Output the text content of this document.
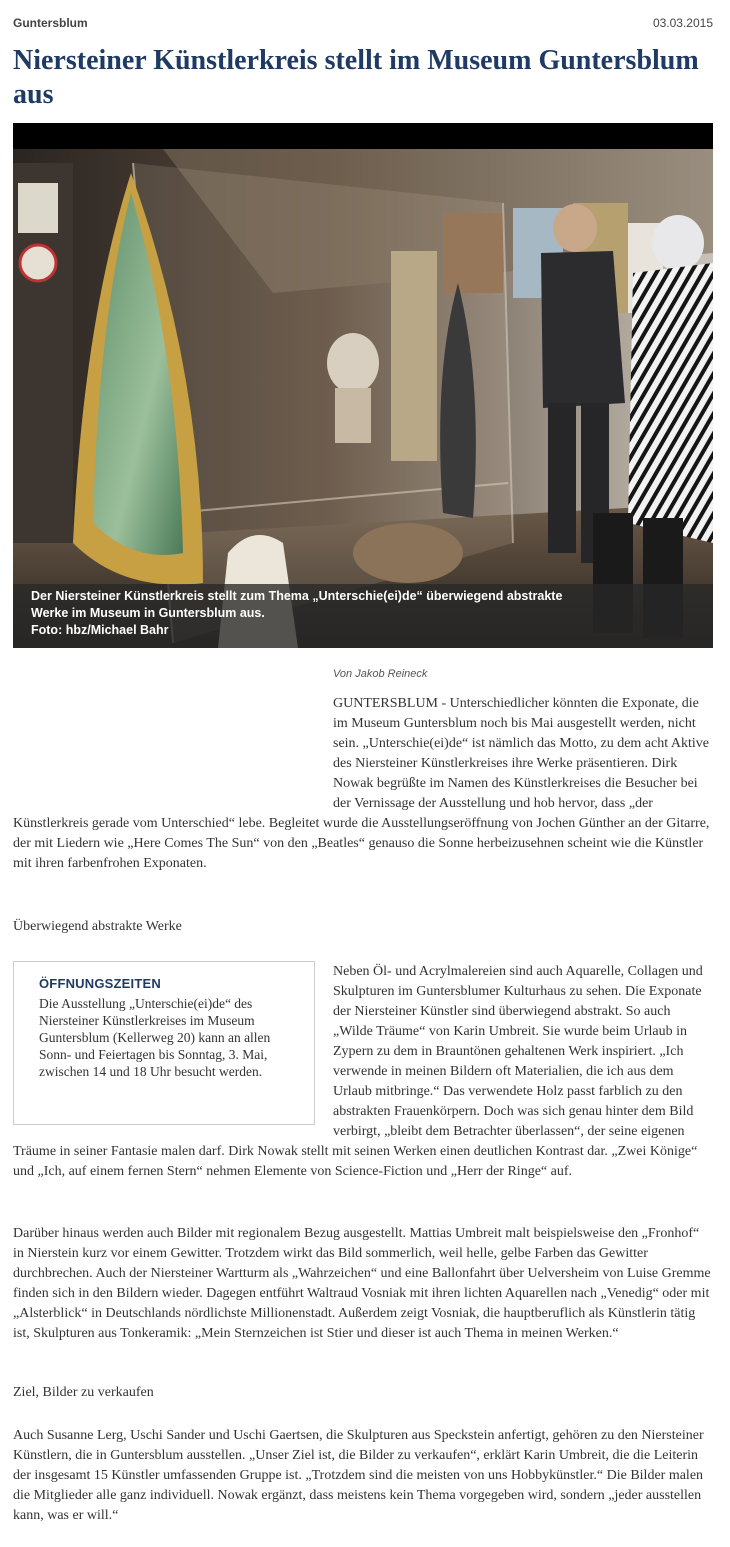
Guntersblum	03.03.2015
Niersteiner Künstlerkreis stellt im Museum Guntersblum aus
Der Niersteiner Künstlerkreis stellt zum Thema „Unterschie(ei)de“ überwiegend abstrakte
Werke im Museum in Guntersblum aus.
Foto: hbz/Michael Bahr
Von Jakob Reineck
GUNTERSBLUM - Unterschiedlicher könnten die Exponate, die im Museum Guntersblum noch bis Mai ausgestellt werden, nicht sein. „Unterschie(ei)de“ ist nämlich das Motto, zu dem acht Aktive des Niersteiner Künstlerkreises ihre Werke präsentieren. Dirk Nowak begrüßte im Namen des Künstlerkreises die Besucher bei der Vernissage der Ausstellung und hob hervor, dass „der Künstlerkreis gerade vom Unterschied“ lebe. Begleitet wurde die Ausstellungseröffnung von Jochen Günther an der Gitarre, der mit Liedern wie „Here Comes The Sun“ von den „Beatles“ genauso die Sonne herbeizusehnen scheint wie die Künstler mit ihren farbenfrohen Exponaten.
Überwiegend abstrakte Werke
Neben Öl- und Acrylmalereien sind auch Aquarelle, Collagen und Skulpturen im Guntersblumer Kulturhaus zu sehen. Die Exponate der Niersteiner Künstler sind überwiegend abstrakt. So auch „Wilde Träume“ von Karin Umbreit. Sie wurde beim Urlaub in Zypern zu dem in Brauntönen gehaltenen Werk inspiriert. „Ich verwende in meinen Bildern oft Materialien, die ich aus dem Urlaub mitbringe.“ Das verwendete Holz passt farblich zu den abstrakten Frauenkörpern. Doch was sich genau hinter dem Bild verbirgt, „bleibt dem Betrachter überlassen“, der seine eigenen Träume in seiner Fantasie malen darf. Dirk Nowak stellt mit seinen Werken einen deutlichen Kontrast dar. „Zwei Könige“ und „Ich, auf einem fernen Stern“ nehmen Elemente von Science-Fiction und „Herr der Ringe“ auf.
ÖFFNUNGSZEITEN
Die Ausstellung „Unterschie(ei)de“ des Niersteiner Künstlerkreises im Museum Guntersblum (Kellerweg 20) kann an allen Sonn- und Feiertagen bis Sonntag, 3. Mai, zwischen 14 und 18 Uhr besucht werden.
Darüber hinaus werden auch Bilder mit regionalem Bezug ausgestellt. Mattias Umbreit malt beispielsweise den „Fronhof“ in Nierstein kurz vor einem Gewitter. Trotzdem wirkt das Bild sommerlich, weil helle, gelbe Farben das Gewitter durchbrechen. Auch der Niersteiner Wartturm als „Wahrzeichen“ und eine Ballonfahrt über Uelversheim von Luise Gremme finden sich in den Bildern wieder. Dagegen entführt Waltraud Vosniak mit ihren lichten Aquarellen nach „Venedig“ oder mit „Alsterblick“ in Deutschlands nördlichste Millionenstadt. Außerdem zeigt Vosniak, die hauptberuflich als Künstlerin tätig ist, Skulpturen aus Tonkeramik: „Mein Sternzeichen ist Stier und dieser ist auch Thema in meinen Werken.“
Ziel, Bilder zu verkaufen
Auch Susanne Lerg, Uschi Sander und Uschi Gaertsen, die Skulpturen aus Speckstein anfertigt, gehören zu den Niersteiner Künstlern, die in Guntersblum ausstellen. „Unser Ziel ist, die Bilder zu verkaufen“, erklärt Karin Umbreit, die die Leiterin der insgesamt 15 Künstler umfassenden Gruppe ist. „Trotzdem sind die meisten von uns Hobbykünstler.“ Die Bilder malen die Mitglieder alle ganz individuell. Nowak ergänzt, dass meistens kein Thema vorgegeben wird, sondern „jeder ausstellen kann, was er will.“
